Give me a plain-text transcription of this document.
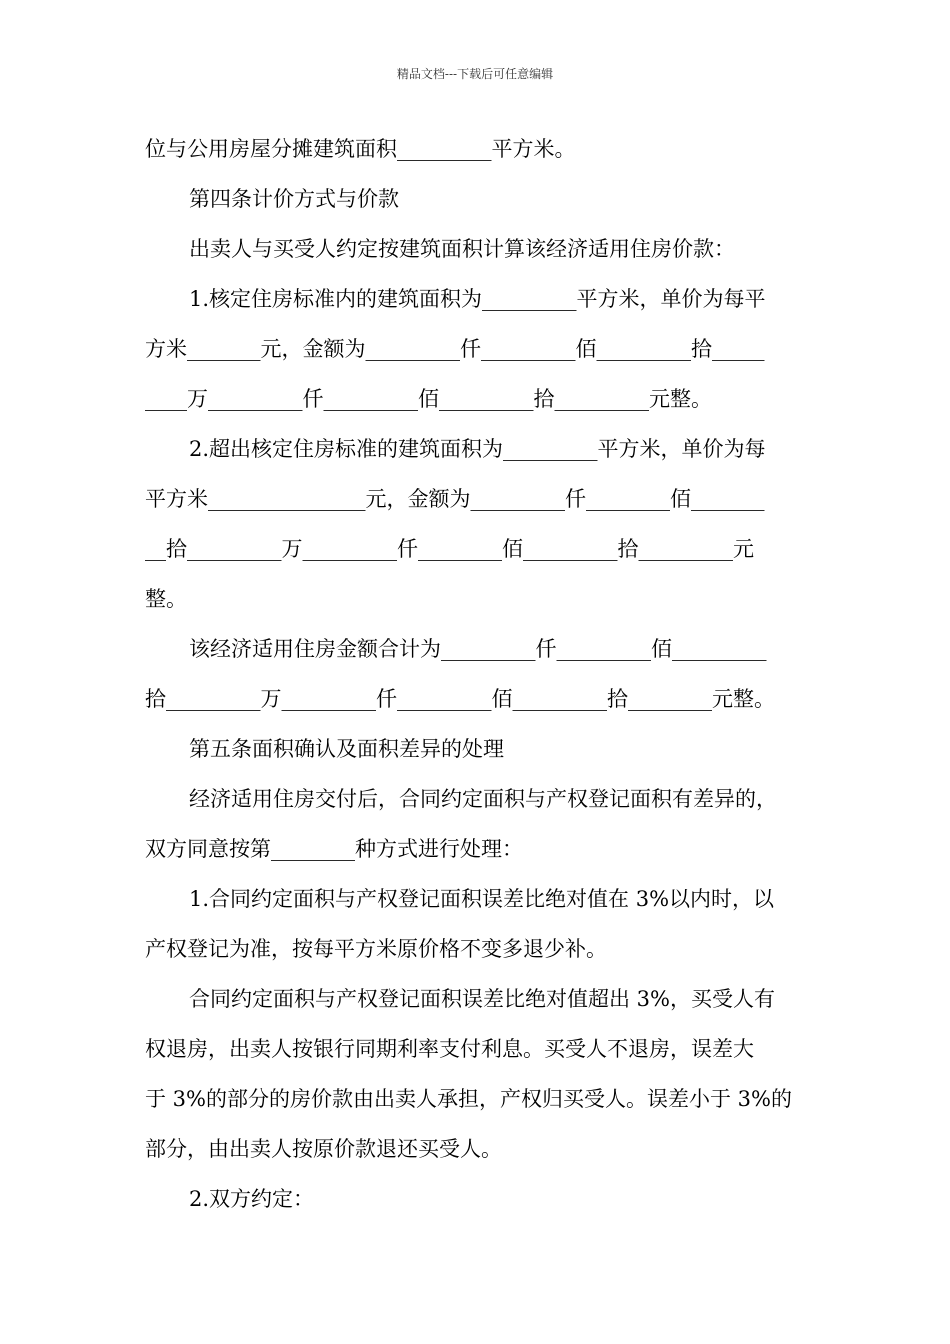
精品文档---下载后可任意编辑
位与公用房屋分摊建筑面积_________平方米。
第四条计价方式与价款
出卖人与买受人约定按建筑面积计算该经济适用住房价款：
1.核定住房标准内的建筑面积为_________平方米，单价为每平
方米_______元，金额为_________仟_________佰_________拾_____
____万_________仟_________佰_________拾_________元整。
2.超出核定住房标准的建筑面积为_________平方米，单价为每
平方米_______________元，金额为_________仟________佰_______
__拾_________万_________仟________佰_________拾_________元
整。
该经济适用住房金额合计为_________仟_________佰_________
拾_________万_________仟_________佰_________拾________元整。
第五条面积确认及面积差异的处理
经济适用住房交付后，合同约定面积与产权登记面积有差异的，
双方同意按第________种方式进行处理：
1.合同约定面积与产权登记面积误差比绝对值在 3%以内时，以
产权登记为准，按每平方米原价格不变多退少补。
合同约定面积与产权登记面积误差比绝对值超出 3%，买受人有
权退房，出卖人按银行同期利率支付利息。买受人不退房，误差大
于 3%的部分的房价款由出卖人承担，产权归买受人。误差小于 3%的
部分，由出卖人按原价款退还买受人。
2.双方约定：
